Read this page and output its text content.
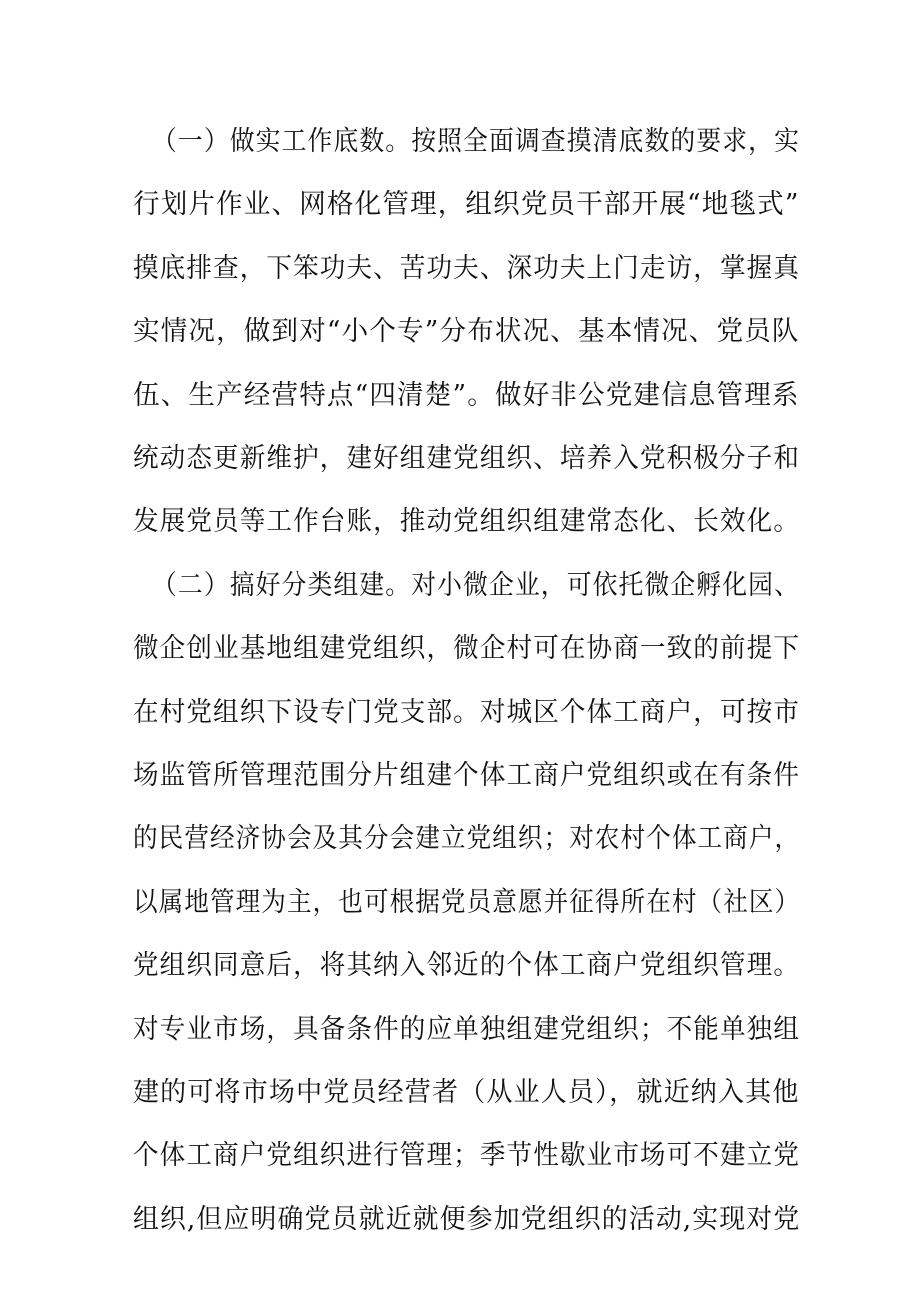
（一）做实工作底数。按照全面调查摸清底数的要求，实
行划片作业、网格化管理，组织党员干部开展“地毯式”
摸底排查，下笨功夫、苦功夫、深功夫上门走访，掌握真
实情况，做到对“小个专”分布状况、基本情况、党员队
伍、生产经营特点“四清楚”。做好非公党建信息管理系
统动态更新维护，建好组建党组织、培养入党积极分子和
发展党员等工作台账，推动党组织组建常态化、长效化。
（二）搞好分类组建。对小微企业，可依托微企孵化园、
微企创业基地组建党组织，微企村可在协商一致的前提下
在村党组织下设专门党支部。对城区个体工商户，可按市
场监管所管理范围分片组建个体工商户党组织或在有条件
的民营经济协会及其分会建立党组织；对农村个体工商户，
以属地管理为主，也可根据党员意愿并征得所在村（社区）
党组织同意后，将其纳入邻近的个体工商户党组织管理。
对专业市场，具备条件的应单独组建党组织；不能单独组
建的可将市场中党员经营者（从业人员），就近纳入其他
个体工商户党组织进行管理；季节性歇业市场可不建立党
组织,但应明确党员就近就便参加党组织的活动,实现对党
